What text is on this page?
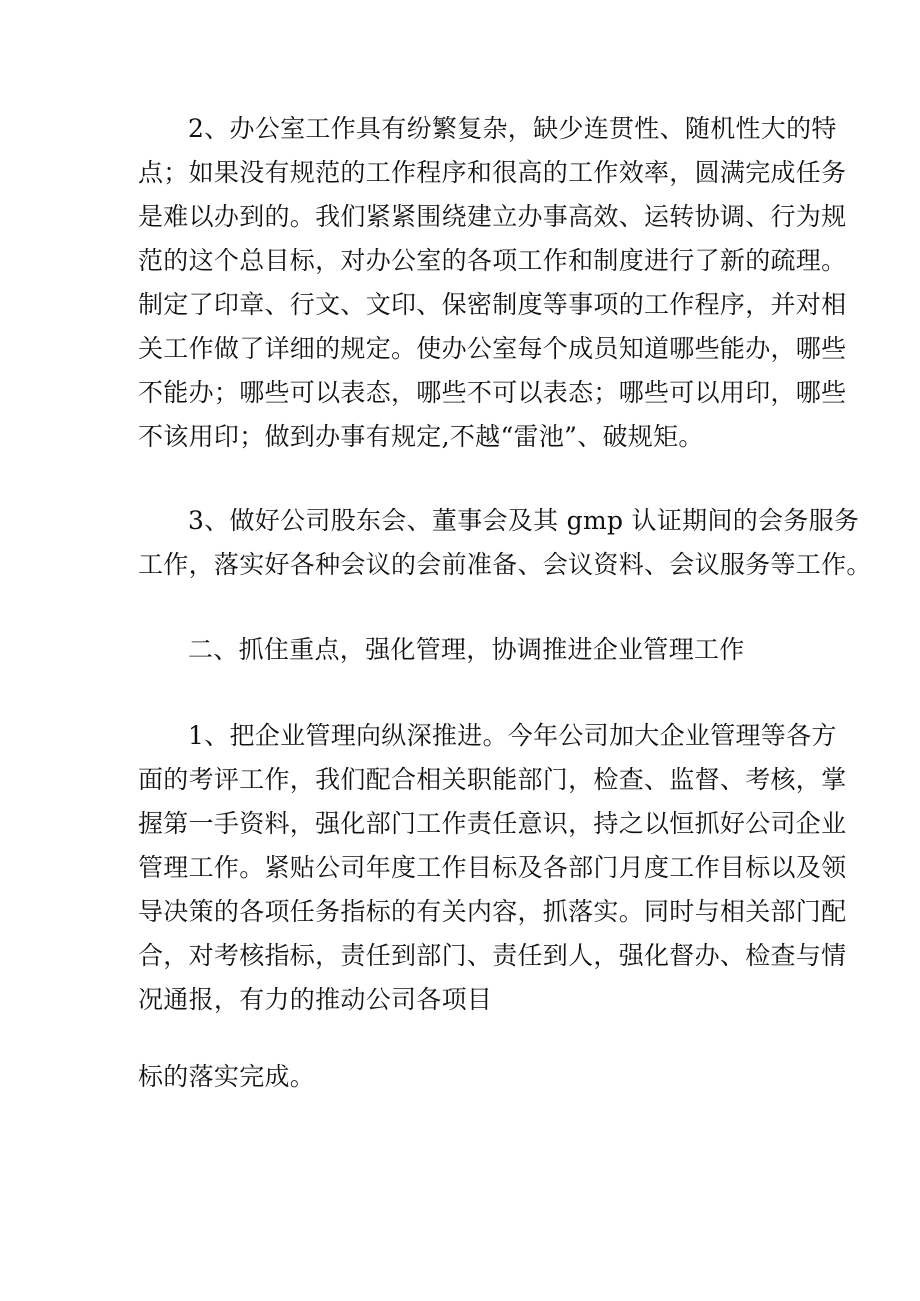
2、办公室工作具有纷繁复杂，缺少连贯性、随机性大的特
点；如果没有规范的工作程序和很高的工作效率，圆满完成任务
是难以办到的。我们紧紧围绕建立办事高效、运转协调、行为规
范的这个总目标，对办公室的各项工作和制度进行了新的疏理。
制定了印章、行文、文印、保密制度等事项的工作程序，并对相
关工作做了详细的规定。使办公室每个成员知道哪些能办，哪些
不能办；哪些可以表态，哪些不可以表态；哪些可以用印，哪些
不该用印；做到办事有规定,不越“雷池”、破规矩。
3、做好公司股东会、董事会及其 gmp 认证期间的会务服务
工作，落实好各种会议的会前准备、会议资料、会议服务等工作。
二、抓住重点，强化管理，协调推进企业管理工作
1、把企业管理向纵深推进。今年公司加大企业管理等各方
面的考评工作，我们配合相关职能部门，检查、监督、考核，掌
握第一手资料，强化部门工作责任意识，持之以恒抓好公司企业
管理工作。紧贴公司年度工作目标及各部门月度工作目标以及领
导决策的各项任务指标的有关内容，抓落实。同时与相关部门配
合，对考核指标，责任到部门、责任到人，强化督办、检查与情
况通报，有力的推动公司各项目
标的落实完成。
